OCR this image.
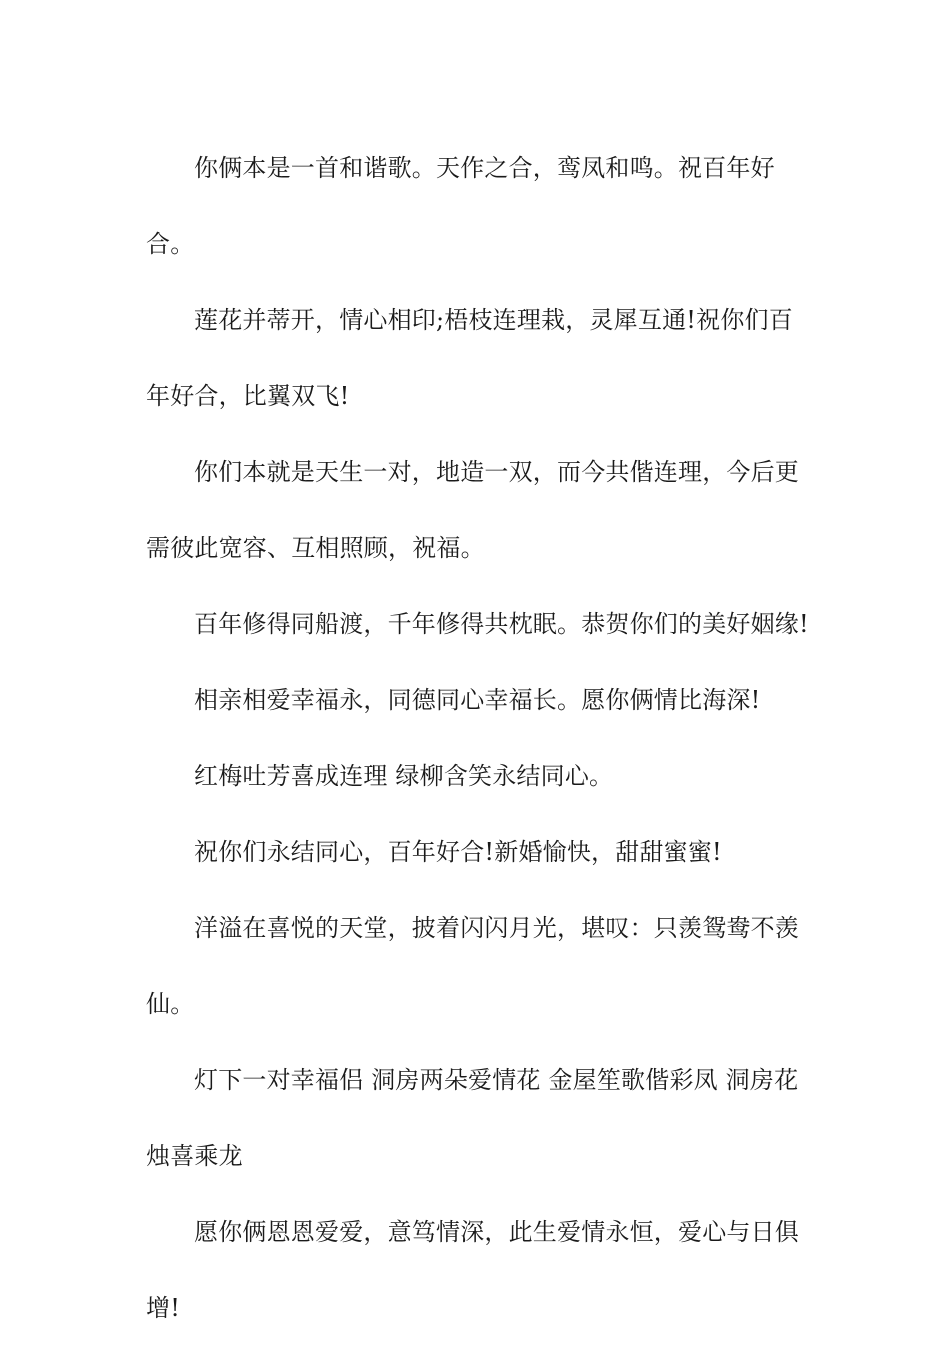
你俩本是一首和谐歌。天作之合，鸾凤和鸣。祝百年好合。

莲花并蒂开，情心相印;梧枝连理栽，灵犀互通!祝你们百年好合，比翼双飞!

你们本就是天生一对，地造一双，而今共偕连理，今后更需彼此宽容、互相照顾，祝福。

百年修得同船渡，千年修得共枕眠。恭贺你们的美好姻缘!

相亲相爱幸福永，同德同心幸福长。愿你俩情比海深!

红梅吐芳喜成连理 绿柳含笑永结同心。

祝你们永结同心，百年好合!新婚愉快，甜甜蜜蜜!

洋溢在喜悦的天堂，披着闪闪月光，堪叹：只羡鸳鸯不羡仙。

灯下一对幸福侣 洞房两朵爱情花 金屋笙歌偕彩凤 洞房花烛喜乘龙

愿你俩恩恩爱爱，意笃情深，此生爱情永恒，爱心与日俱增!
